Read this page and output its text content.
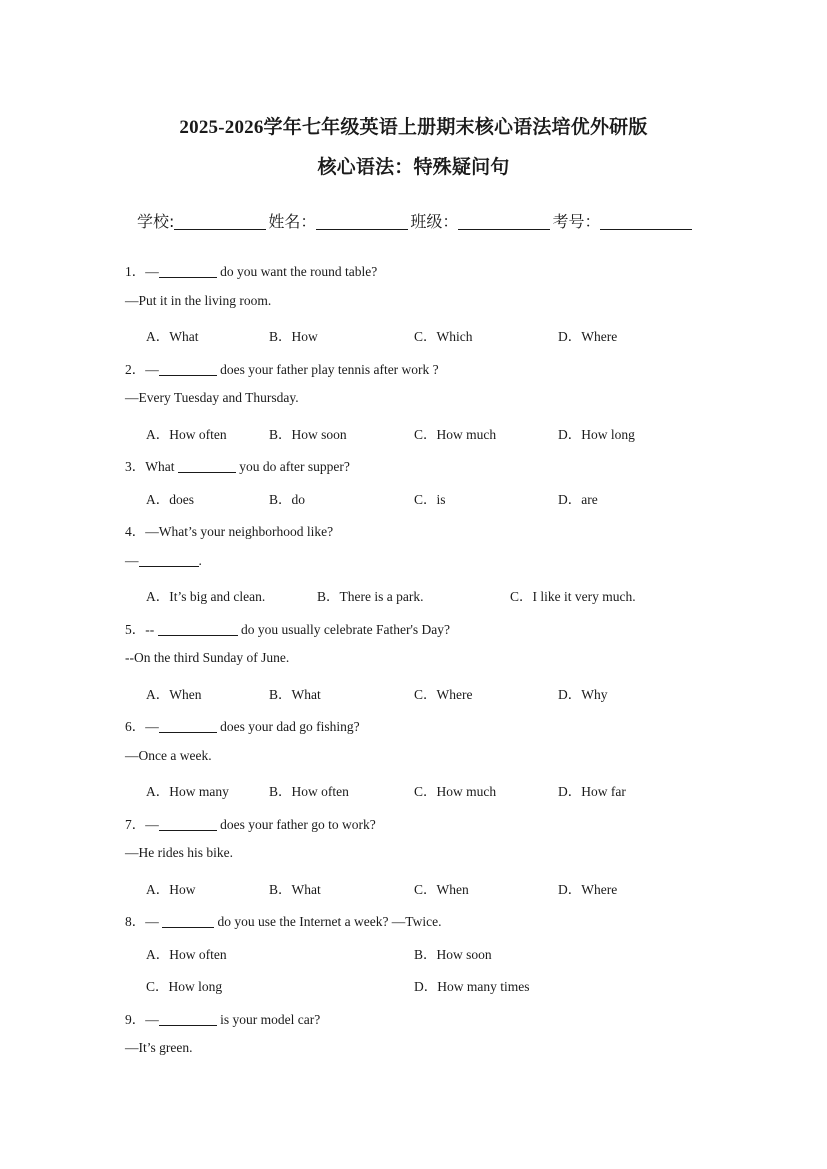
2025-2026学年七年级英语上册期末核心语法培优外研版
核心语法：特殊疑问句
学校:	姓名：	班级：	考号：
1．—	do you want the round table?
—Put it in the living room.
A．What	B．How	C．Which	D．Where
2．—	does your father play tennis after work ?
—Every Tuesday and Thursday.
A．How often	B．How soon	C．How much	D．How long
3．What	you do after supper?
A．does	B．do	C．is	D．are
4．—What’s your neighborhood like?
—	.
A．It’s big and clean.	B．There is a park.	C．I like it very much.
5．--	do you usually celebrate Father's Day?
--On the third Sunday of June.
A．When	B．What	C．Where	D．Why
6．—	does your dad go fishing?
—Once a week.
A．How many	B．How often	C．How much	D．How far
7．—	does your father go to work?
—He rides his bike.
A．How	B．What	C．When	D．Where
8．—	do you use the Internet a week? —Twice.
A．How often	B．How soon
C．How long	D．How many times
9．—	is your model car?
—It’s green.
